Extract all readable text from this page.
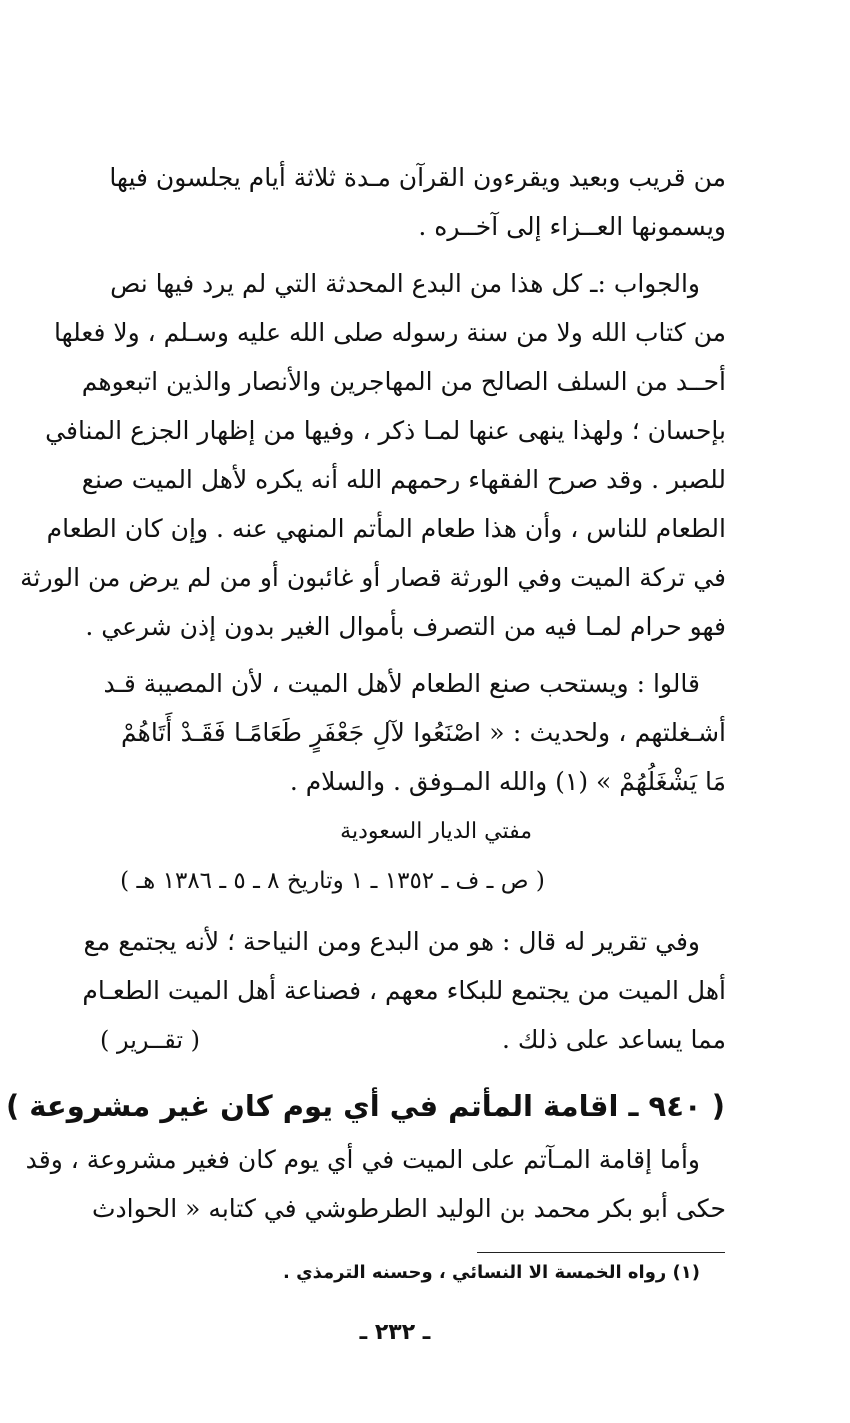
من قريب وبعيد ويقرءون القرآن مـدة ثلاثة أيام يجلسون فيها
ويسمونها العــزاء إلى آخــره .
والجواب :ـ كل هذا من البدع المحدثة التي لم يرد فيها نص
من كتاب الله ولا من سنة رسوله صلى الله عليه وسـلم ، ولا فعلها
أحــد من السلف الصالح من المهاجرين والأنصار والذين اتبعوهم
بإحسان ؛ ولهذا ينهى عنها لمـا ذكر ، وفيها من إظهار الجزع المنافي
للصبر . وقد صرح الفقهاء رحمهم الله أنه يكره لأهل الميت صنع
الطعام للناس ، وأن هذا طعام المأتم المنهي عنه . وإن كان الطعام
في تركة الميت وفي الورثة قصار أو غائبون أو من لم يرض من الورثة
فهو حرام لمـا فيه من التصرف بأموال الغير بدون إذن شرعي .
قالوا : ويستحب صنع الطعام لأهل الميت ، لأن المصيبة قـد
أشـغلتهم ، ولحديث : « اصْنَعُوا لآلِ جَعْفَرٍ طَعَامًـا فَقَـدْ أَتَاهُمْ
مَا يَشْغَلُهُمْ » (١) والله المـوفق . والسلام .
مفتي الديار السعودية
( ص ـ ف ـ ١٣٥٢ ـ ١ وتاريخ ٨ ـ ٥ ـ ١٣٨٦ هـ )
وفي تقرير له قال : هو من البدع ومن النياحة ؛ لأنه يجتمع مع
أهل الميت من يجتمع للبكاء معهم ، فصناعة أهل الميت الطعـام
مما يساعد على ذلك .
( تقــرير )
( ٩٤٠ ـ اقامة المأتم في أي يوم كان غير مشروعة )
وأما إقامة المـآتم على الميت في أي يوم كان فغير مشروعة ، وقد
حكى أبو بكر محمد بن الوليد الطرطوشي في كتابه « الحوادث
(١) رواه الخمسة الا النسائي ، وحسنه الترمذي .
ـ ٢٣٢ ـ
